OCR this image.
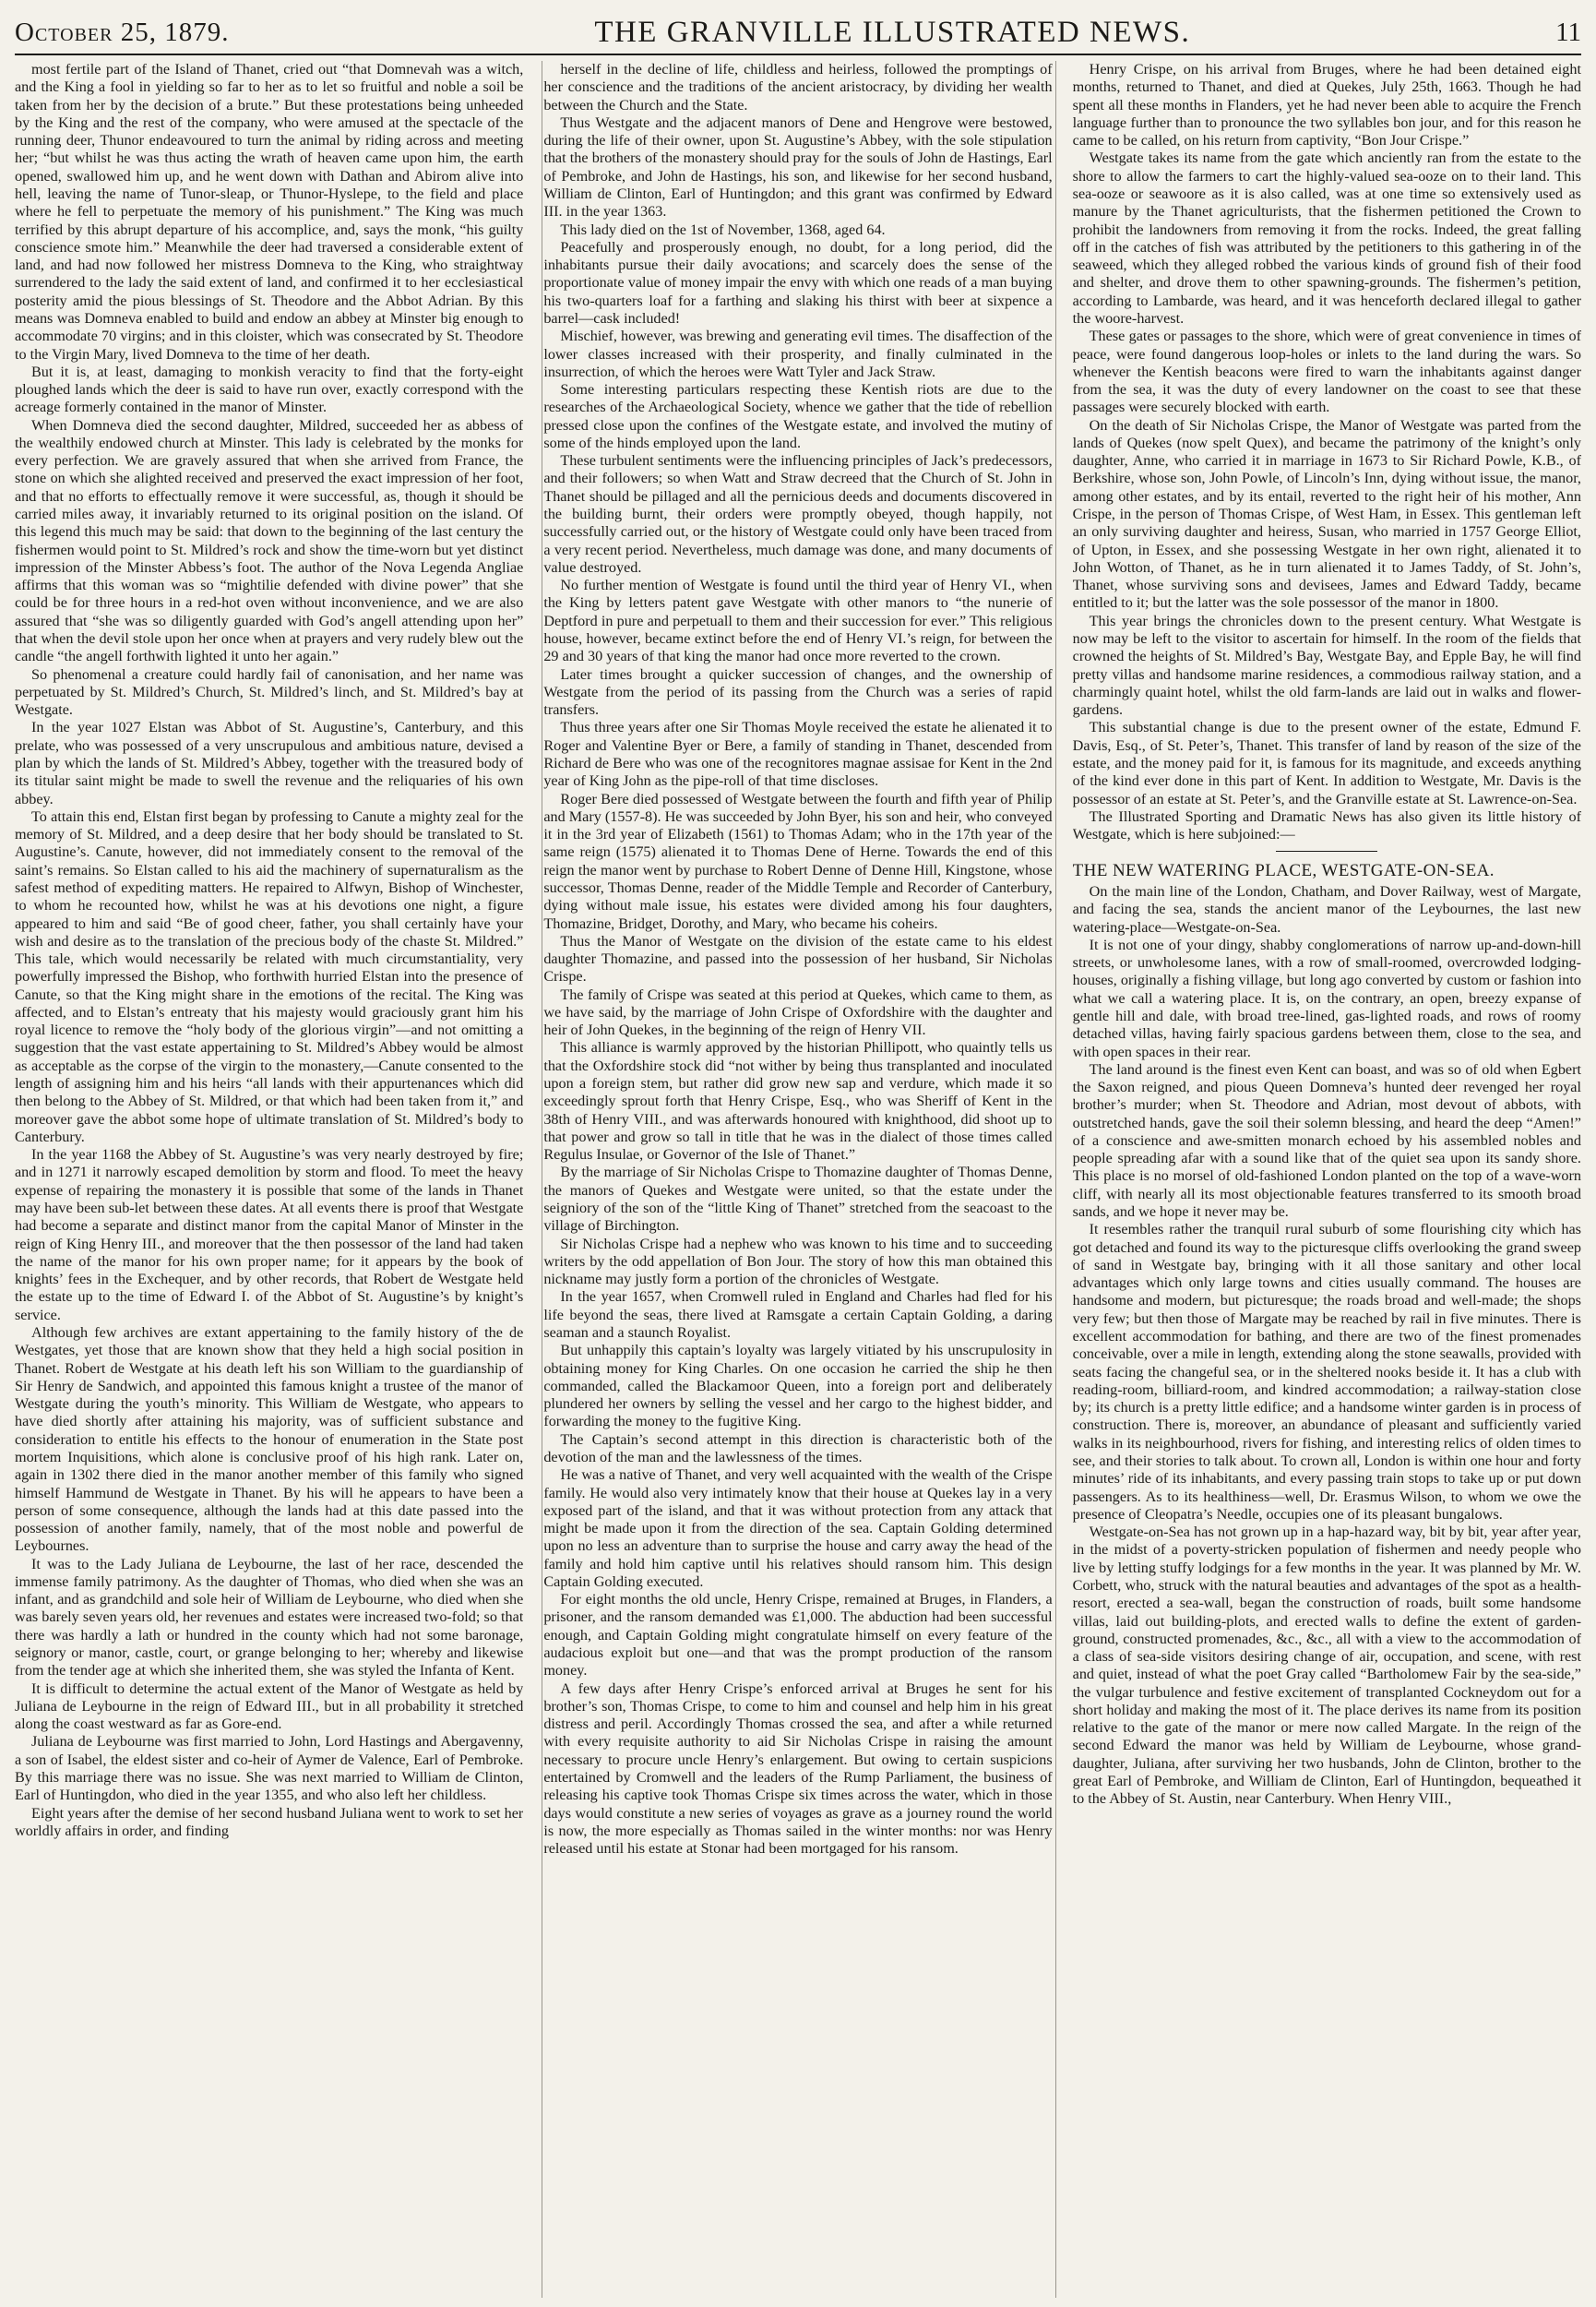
October 25, 1879.	THE GRANVILLE ILLUSTRATED NEWS.	11

most fertile part of the Island of Thanet, cried out “that Domnevah was a witch, and the King a fool in yielding so far to her as to let so fruitful and noble a soil be taken from her by the decision of a brute.” But these protestations being unheeded by the King and the rest of the company, who were amused at the spectacle of the running deer, Thunor endeavoured to turn the animal by riding across and meeting her; “but whilst he was thus acting the wrath of heaven came upon him, the earth opened, swallowed him up, and he went down with Dathan and Abirom alive into hell, leaving the name of Tunor-sleap, or Thunor-Hyslepe, to the field and place where he fell to perpetuate the memory of his punishment.” The King was much terrified by this abrupt departure of his accomplice, and, says the monk, “his guilty conscience smote him.” Meanwhile the deer had traversed a considerable extent of land, and had now followed her mistress Domneva to the King, who straightway surrendered to the lady the said extent of land, and confirmed it to her ecclesiastical posterity amid the pious blessings of St. Theodore and the Abbot Adrian. By this means was Domneva enabled to build and endow an abbey at Minster big enough to accommodate 70 virgins; and in this cloister, which was consecrated by St. Theodore to the Virgin Mary, lived Domneva to the time of her death.

But it is, at least, damaging to monkish veracity to find that the forty-eight ploughed lands which the deer is said to have run over, exactly correspond with the acreage formerly contained in the manor of Minster.

When Domneva died the second daughter, Mildred, succeeded her as abbess of the wealthily endowed church at Minster. This lady is celebrated by the monks for every perfection. We are gravely assured that when she arrived from France, the stone on which she alighted received and preserved the exact impression of her foot, and that no efforts to effectually remove it were successful, as, though it should be carried miles away, it invariably returned to its original position on the island. Of this legend this much may be said: that down to the beginning of the last century the fishermen would point to St. Mildred’s rock and show the time-worn but yet distinct impression of the Minster Abbess’s foot. The author of the Nova Legenda Angliae affirms that this woman was so “mightilie defended with divine power” that she could be for three hours in a red-hot oven without inconvenience, and we are also assured that “she was so diligently guarded with God’s angell attending upon her” that when the devil stole upon her once when at prayers and very rudely blew out the candle “the angell forthwith lighted it unto her again.”

So phenomenal a creature could hardly fail of canonisation, and her name was perpetuated by St. Mildred’s Church, St. Mildred’s linch, and St. Mildred’s bay at Westgate.

In the year 1027 Elstan was Abbot of St. Augustine’s, Canterbury, and this prelate, who was possessed of a very unscrupulous and ambitious nature, devised a plan by which the lands of St. Mildred’s Abbey, together with the treasured body of its titular saint might be made to swell the revenue and the reliquaries of his own abbey.

To attain this end, Elstan first began by professing to Canute a mighty zeal for the memory of St. Mildred, and a deep desire that her body should be translated to St. Augustine’s. Canute, however, did not immediately consent to the removal of the saint’s remains. So Elstan called to his aid the machinery of supernaturalism as the safest method of expediting matters. He repaired to Alfwyn, Bishop of Winchester, to whom he recounted how, whilst he was at his devotions one night, a figure appeared to him and said “Be of good cheer, father, you shall certainly have your wish and desire as to the translation of the precious body of the chaste St. Mildred.” This tale, which would necessarily be related with much circumstantiality, very powerfully impressed the Bishop, who forthwith hurried Elstan into the presence of Canute, so that the King might share in the emotions of the recital. The King was affected, and to Elstan’s entreaty that his majesty would graciously grant him his royal licence to remove the “holy body of the glorious virgin”—and not omitting a suggestion that the vast estate appertaining to St. Mildred’s Abbey would be almost as acceptable as the corpse of the virgin to the monastery,—Canute consented to the length of assigning him and his heirs “all lands with their appurtenances which did then belong to the Abbey of St. Mildred, or that which had been taken from it,” and moreover gave the abbot some hope of ultimate translation of St. Mildred’s body to Canterbury.

In the year 1168 the Abbey of St. Augustine’s was very nearly destroyed by fire; and in 1271 it narrowly escaped demolition by storm and flood. To meet the heavy expense of repairing the monastery it is possible that some of the lands in Thanet may have been sub-let between these dates. At all events there is proof that Westgate had become a separate and distinct manor from the capital Manor of Minster in the reign of King Henry III., and moreover that the then possessor of the land had taken the name of the manor for his own proper name; for it appears by the book of knights’ fees in the Exchequer, and by other records, that Robert de Westgate held the estate up to the time of Edward I. of the Abbot of St. Augustine’s by knight’s service.

Although few archives are extant appertaining to the family history of the de Westgates, yet those that are known show that they held a high social position in Thanet. Robert de Westgate at his death left his son William to the guardianship of Sir Henry de Sandwich, and appointed this famous knight a trustee of the manor of Westgate during the youth’s minority. This William de Westgate, who appears to have died shortly after attaining his majority, was of sufficient substance and consideration to entitle his effects to the honour of enumeration in the State post mortem Inquisitions, which alone is conclusive proof of his high rank. Later on, again in 1302 there died in the manor another member of this family who signed himself Hammund de Westgate in Thanet. By his will he appears to have been a person of some consequence, although the lands had at this date passed into the possession of another family, namely, that of the most noble and powerful de Leybournes.

It was to the Lady Juliana de Leybourne, the last of her race, descended the immense family patrimony. As the daughter of Thomas, who died when she was an infant, and as grandchild and sole heir of William de Leybourne, who died when she was barely seven years old, her revenues and estates were increased two-fold; so that there was hardly a lath or hundred in the county which had not some baronage, seignory or manor, castle, court, or grange belonging to her; whereby and likewise from the tender age at which she inherited them, she was styled the Infanta of Kent.

It is difficult to determine the actual extent of the Manor of Westgate as held by Juliana de Leybourne in the reign of Edward III., but in all probability it stretched along the coast westward as far as Gore-end.

Juliana de Leybourne was first married to John, Lord Hastings and Abergavenny, a son of Isabel, the eldest sister and co-heir of Aymer de Valence, Earl of Pembroke. By this marriage there was no issue. She was next married to William de Clinton, Earl of Huntingdon, who died in the year 1355, and who also left her childless.

Eight years after the demise of her second husband Juliana went to work to set her worldly affairs in order, and finding

herself in the decline of life, childless and heirless, followed the promptings of her conscience and the traditions of the ancient aristocracy, by dividing her wealth between the Church and the State.

Thus Westgate and the adjacent manors of Dene and Hengrove were bestowed, during the life of their owner, upon St. Augustine’s Abbey, with the sole stipulation that the brothers of the monastery should pray for the souls of John de Hastings, Earl of Pembroke, and John de Hastings, his son, and likewise for her second husband, William de Clinton, Earl of Huntingdon; and this grant was confirmed by Edward III. in the year 1363.

This lady died on the 1st of November, 1368, aged 64.

Peacefully and prosperously enough, no doubt, for a long period, did the inhabitants pursue their daily avocations; and scarcely does the sense of the proportionate value of money impair the envy with which one reads of a man buying his two-quarters loaf for a farthing and slaking his thirst with beer at sixpence a barrel—cask included!

Mischief, however, was brewing and generating evil times. The disaffection of the lower classes increased with their prosperity, and finally culminated in the insurrection, of which the heroes were Watt Tyler and Jack Straw.

Some interesting particulars respecting these Kentish riots are due to the researches of the Archaeological Society, whence we gather that the tide of rebellion pressed close upon the confines of the Westgate estate, and involved the mutiny of some of the hinds employed upon the land.

These turbulent sentiments were the influencing principles of Jack’s predecessors, and their followers; so when Watt and Straw decreed that the Church of St. John in Thanet should be pillaged and all the pernicious deeds and documents discovered in the building burnt, their orders were promptly obeyed, though happily, not successfully carried out, or the history of Westgate could only have been traced from a very recent period. Nevertheless, much damage was done, and many documents of value destroyed.

No further mention of Westgate is found until the third year of Henry VI., when the King by letters patent gave Westgate with other manors to “the nunerie of Deptford in pure and perpetuall to them and their succession for ever.” This religious house, however, became extinct before the end of Henry VI.’s reign, for between the 29 and 30 years of that king the manor had once more reverted to the crown.

Later times brought a quicker succession of changes, and the ownership of Westgate from the period of its passing from the Church was a series of rapid transfers.

Thus three years after one Sir Thomas Moyle received the estate he alienated it to Roger and Valentine Byer or Bere, a family of standing in Thanet, descended from Richard de Bere who was one of the recognitores magnae assisae for Kent in the 2nd year of King John as the pipe-roll of that time discloses.

Roger Bere died possessed of Westgate between the fourth and fifth year of Philip and Mary (1557-8). He was succeeded by John Byer, his son and heir, who conveyed it in the 3rd year of Elizabeth (1561) to Thomas Adam; who in the 17th year of the same reign (1575) alienated it to Thomas Dene of Herne. Towards the end of this reign the manor went by purchase to Robert Denne of Denne Hill, Kingstone, whose successor, Thomas Denne, reader of the Middle Temple and Recorder of Canterbury, dying without male issue, his estates were divided among his four daughters, Thomazine, Bridget, Dorothy, and Mary, who became his coheirs.

Thus the Manor of Westgate on the division of the estate came to his eldest daughter Thomazine, and passed into the possession of her husband, Sir Nicholas Crispe.

The family of Crispe was seated at this period at Quekes, which came to them, as we have said, by the marriage of John Crispe of Oxfordshire with the daughter and heir of John Quekes, in the beginning of the reign of Henry VII.

This alliance is warmly approved by the historian Phillipott, who quaintly tells us that the Oxfordshire stock did “not wither by being thus transplanted and inoculated upon a foreign stem, but rather did grow new sap and verdure, which made it so exceedingly sprout forth that Henry Crispe, Esq., who was Sheriff of Kent in the 38th of Henry VIII., and was afterwards honoured with knighthood, did shoot up to that power and grow so tall in title that he was in the dialect of those times called Regulus Insulae, or Governor of the Isle of Thanet.”

By the marriage of Sir Nicholas Crispe to Thomazine daughter of Thomas Denne, the manors of Quekes and Westgate were united, so that the estate under the seigniory of the son of the “little King of Thanet” stretched from the seacoast to the village of Birchington.

Sir Nicholas Crispe had a nephew who was known to his time and to succeeding writers by the odd appellation of Bon Jour. The story of how this man obtained this nickname may justly form a portion of the chronicles of Westgate.

In the year 1657, when Cromwell ruled in England and Charles had fled for his life beyond the seas, there lived at Ramsgate a certain Captain Golding, a daring seaman and a staunch Royalist.

But unhappily this captain’s loyalty was largely vitiated by his unscrupulosity in obtaining money for King Charles. On one occasion he carried the ship he then commanded, called the Blackamoor Queen, into a foreign port and deliberately plundered her owners by selling the vessel and her cargo to the highest bidder, and forwarding the money to the fugitive King.

The Captain’s second attempt in this direction is characteristic both of the devotion of the man and the lawlessness of the times.

He was a native of Thanet, and very well acquainted with the wealth of the Crispe family. He would also very intimately know that their house at Quekes lay in a very exposed part of the island, and that it was without protection from any attack that might be made upon it from the direction of the sea. Captain Golding determined upon no less an adventure than to surprise the house and carry away the head of the family and hold him captive until his relatives should ransom him. This design Captain Golding executed.

For eight months the old uncle, Henry Crispe, remained at Bruges, in Flanders, a prisoner, and the ransom demanded was £1,000. The abduction had been successful enough, and Captain Golding might congratulate himself on every feature of the audacious exploit but one—and that was the prompt production of the ransom money.

A few days after Henry Crispe’s enforced arrival at Bruges he sent for his brother’s son, Thomas Crispe, to come to him and counsel and help him in his great distress and peril. Accordingly Thomas crossed the sea, and after a while returned with every requisite authority to aid Sir Nicholas Crispe in raising the amount necessary to procure uncle Henry’s enlargement. But owing to certain suspicions entertained by Cromwell and the leaders of the Rump Parliament, the business of releasing his captive took Thomas Crispe six times across the water, which in those days would constitute a new series of voyages as grave as a journey round the world is now, the more especially as Thomas sailed in the winter months: nor was Henry released until his estate at Stonar had been mortgaged for his ransom.

Henry Crispe, on his arrival from Bruges, where he had been detained eight months, returned to Thanet, and died at Quekes, July 25th, 1663. Though he had spent all these months in Flanders, yet he had never been able to acquire the French language further than to pronounce the two syllables bon jour, and for this reason he came to be called, on his return from captivity, “Bon Jour Crispe.”

Westgate takes its name from the gate which anciently ran from the estate to the shore to allow the farmers to cart the highly-valued sea-ooze on to their land. This sea-ooze or seawoore as it is also called, was at one time so extensively used as manure by the Thanet agriculturists, that the fishermen petitioned the Crown to prohibit the landowners from removing it from the rocks. Indeed, the great falling off in the catches of fish was attributed by the petitioners to this gathering in of the seaweed, which they alleged robbed the various kinds of ground fish of their food and shelter, and drove them to other spawning-grounds. The fishermen’s petition, according to Lambarde, was heard, and it was henceforth declared illegal to gather the woore-harvest.

These gates or passages to the shore, which were of great convenience in times of peace, were found dangerous loop-holes or inlets to the land during the wars. So whenever the Kentish beacons were fired to warn the inhabitants against danger from the sea, it was the duty of every landowner on the coast to see that these passages were securely blocked with earth.

On the death of Sir Nicholas Crispe, the Manor of Westgate was parted from the lands of Quekes (now spelt Quex), and became the patrimony of the knight’s only daughter, Anne, who carried it in marriage in 1673 to Sir Richard Powle, K.B., of Berkshire, whose son, John Powle, of Lincoln’s Inn, dying without issue, the manor, among other estates, and by its entail, reverted to the right heir of his mother, Ann Crispe, in the person of Thomas Crispe, of West Ham, in Essex. This gentleman left an only surviving daughter and heiress, Susan, who married in 1757 George Elliot, of Upton, in Essex, and she possessing Westgate in her own right, alienated it to John Wotton, of Thanet, as he in turn alienated it to James Taddy, of St. John’s, Thanet, whose surviving sons and devisees, James and Edward Taddy, became entitled to it; but the latter was the sole possessor of the manor in 1800.

This year brings the chronicles down to the present century. What Westgate is now may be left to the visitor to ascertain for himself. In the room of the fields that crowned the heights of St. Mildred’s Bay, Westgate Bay, and Epple Bay, he will find pretty villas and handsome marine residences, a commodious railway station, and a charmingly quaint hotel, whilst the old farm-lands are laid out in walks and flower-gardens.

This substantial change is due to the present owner of the estate, Edmund F. Davis, Esq., of St. Peter’s, Thanet. This transfer of land by reason of the size of the estate, and the money paid for it, is famous for its magnitude, and exceeds anything of the kind ever done in this part of Kent. In addition to Westgate, Mr. Davis is the possessor of an estate at St. Peter’s, and the Granville estate at St. Lawrence-on-Sea.

The Illustrated Sporting and Dramatic News has also given its little history of Westgate, which is here subjoined:—

THE NEW WATERING PLACE, WESTGATE-ON-SEA.

On the main line of the London, Chatham, and Dover Railway, west of Margate, and facing the sea, stands the ancient manor of the Leybournes, the last new watering-place—Westgate-on-Sea.

It is not one of your dingy, shabby conglomerations of narrow up-and-down-hill streets, or unwholesome lanes, with a row of small-roomed, overcrowded lodging-houses, originally a fishing village, but long ago converted by custom or fashion into what we call a watering place. It is, on the contrary, an open, breezy expanse of gentle hill and dale, with broad tree-lined, gas-lighted roads, and rows of roomy detached villas, having fairly spacious gardens between them, close to the sea, and with open spaces in their rear.

The land around is the finest even Kent can boast, and was so of old when Egbert the Saxon reigned, and pious Queen Domneva’s hunted deer revenged her royal brother’s murder; when St. Theodore and Adrian, most devout of abbots, with outstretched hands, gave the soil their solemn blessing, and heard the deep “Amen!” of a conscience and awe-smitten monarch echoed by his assembled nobles and people spreading afar with a sound like that of the quiet sea upon its sandy shore. This place is no morsel of old-fashioned London planted on the top of a wave-worn cliff, with nearly all its most objectionable features transferred to its smooth broad sands, and we hope it never may be.

It resembles rather the tranquil rural suburb of some flourishing city which has got detached and found its way to the picturesque cliffs overlooking the grand sweep of sand in Westgate bay, bringing with it all those sanitary and other local advantages which only large towns and cities usually command. The houses are handsome and modern, but picturesque; the roads broad and well-made; the shops very few; but then those of Margate may be reached by rail in five minutes. There is excellent accommodation for bathing, and there are two of the finest promenades conceivable, over a mile in length, extending along the stone seawalls, provided with seats facing the changeful sea, or in the sheltered nooks beside it. It has a club with reading-room, billiard-room, and kindred accommodation; a railway-station close by; its church is a pretty little edifice; and a handsome winter garden is in process of construction. There is, moreover, an abundance of pleasant and sufficiently varied walks in its neighbourhood, rivers for fishing, and interesting relics of olden times to see, and their stories to talk about. To crown all, London is within one hour and forty minutes’ ride of its inhabitants, and every passing train stops to take up or put down passengers. As to its healthiness—well, Dr. Erasmus Wilson, to whom we owe the presence of Cleopatra’s Needle, occupies one of its pleasant bungalows.

Westgate-on-Sea has not grown up in a hap-hazard way, bit by bit, year after year, in the midst of a poverty-stricken population of fishermen and needy people who live by letting stuffy lodgings for a few months in the year. It was planned by Mr. W. Corbett, who, struck with the natural beauties and advantages of the spot as a health-resort, erected a sea-wall, began the construction of roads, built some handsome villas, laid out building-plots, and erected walls to define the extent of garden-ground, constructed promenades, &c., &c., all with a view to the accommodation of a class of sea-side visitors desiring change of air, occupation, and scene, with rest and quiet, instead of what the poet Gray called “Bartholomew Fair by the sea-side,” the vulgar turbulence and festive excitement of transplanted Cockneydom out for a short holiday and making the most of it. The place derives its name from its position relative to the gate of the manor or mere now called Margate. In the reign of the second Edward the manor was held by William de Leybourne, whose grand-daughter, Juliana, after surviving her two husbands, John de Clinton, brother to the great Earl of Pembroke, and William de Clinton, Earl of Huntingdon, bequeathed it to the Abbey of St. Austin, near Canterbury. When Henry VIII.,
